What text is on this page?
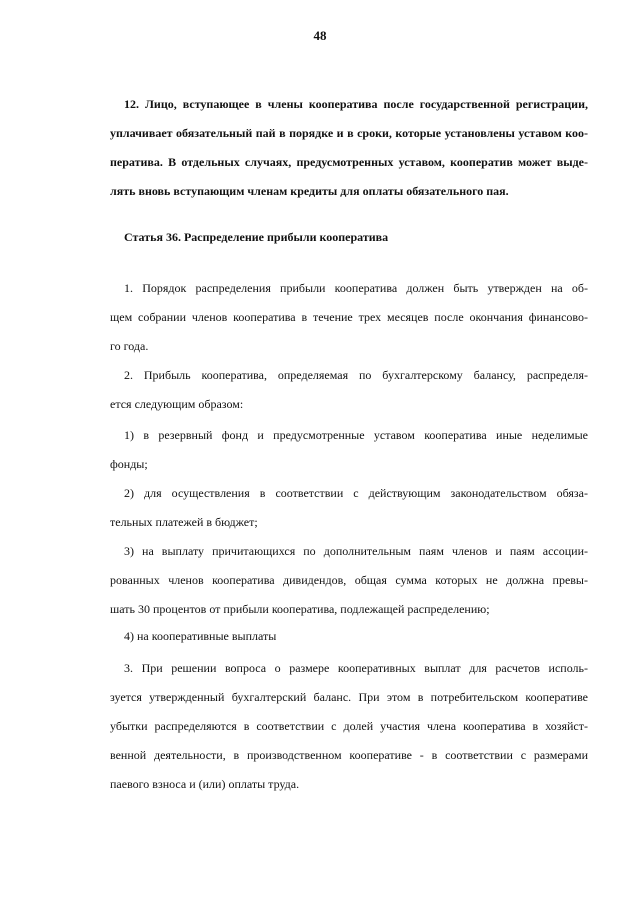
48
12. Лицо, вступающее в члены кооператива после государственной регистрации,
уплачивает обязательный пай в порядке и в сроки, которые установлены уставом коо-
ператива. В отдельных случаях, предусмотренных уставом, кооператив может выде-
лять вновь вступающим членам кредиты для оплаты обязательного пая.
Статья 36. Распределение прибыли кооператива
1. Порядок распределения прибыли кооператива должен быть утвержден на об-
щем собрании членов кооператива в течение трех месяцев после окончания финансово-
го года.
2. Прибыль кооператива, определяемая по бухгалтерскому балансу, распределя-
ется следующим образом:
1) в резервный фонд и предусмотренные уставом кооператива иные неделимые
фонды;
2) для осуществления в соответствии с действующим законодательством обяза-
тельных платежей в бюджет;
3) на выплату причитающихся по дополнительным паям членов и паям ассоции-
рованных членов кооператива дивидендов, общая сумма которых не должна превы-
шать 30 процентов от прибыли кооператива, подлежащей распределению;
4) на кооперативные выплаты
3. При решении вопроса о размере кооперативных выплат для расчетов исполь-
зуется утвержденный бухгалтерский баланс. При этом в потребительском кооперативе
убытки распределяются в соответствии с долей участия члена кооператива в хозяйст-
венной деятельности, в производственном кооперативе - в соответствии с размерами
паевого взноса и (или) оплаты труда.
